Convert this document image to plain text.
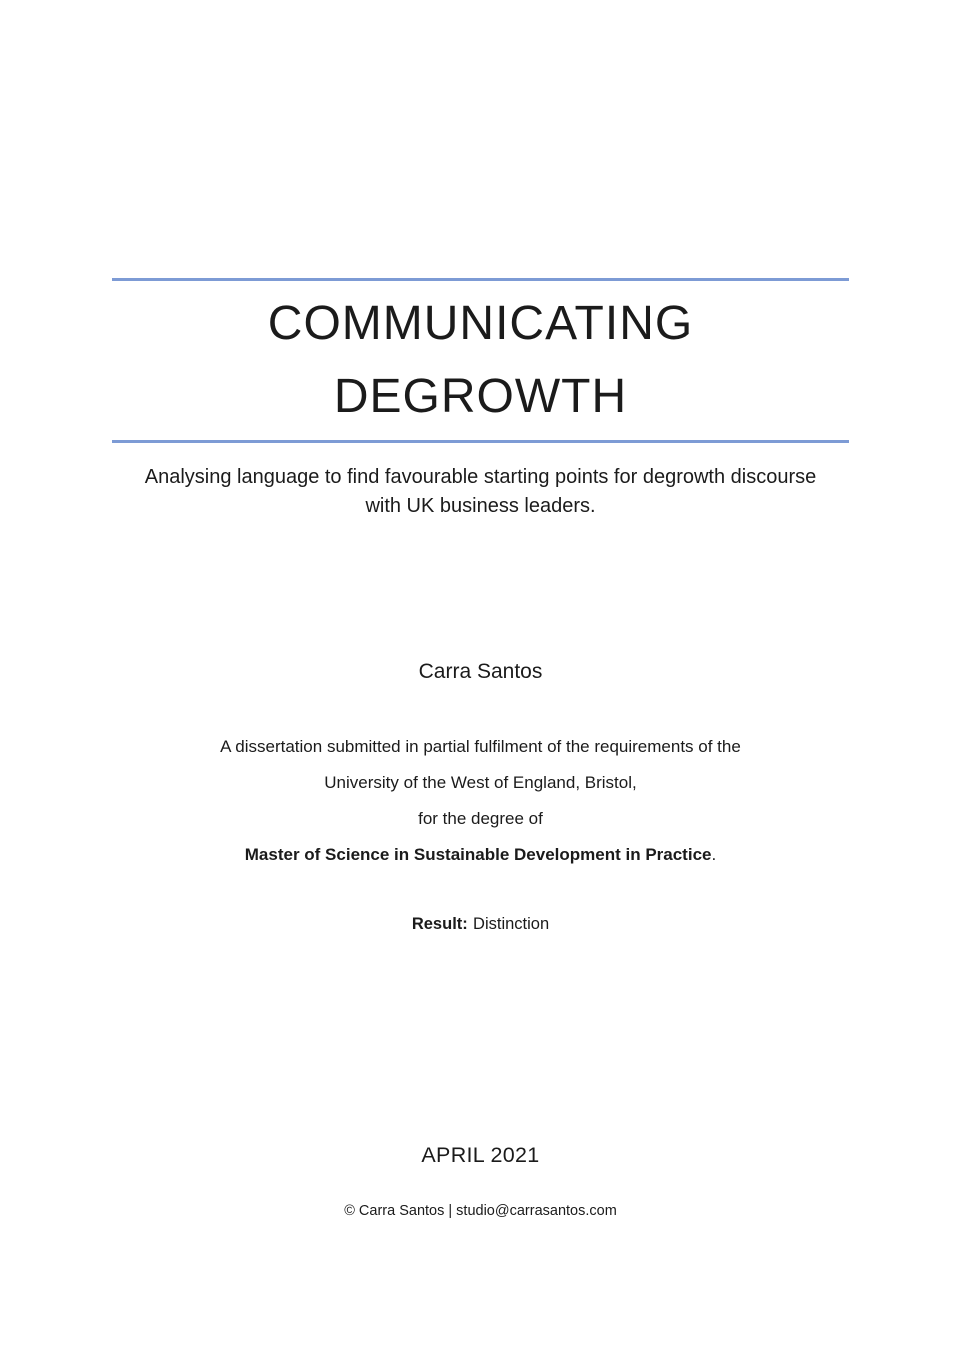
COMMUNICATING
DEGROWTH
Analysing language to find favourable starting points for degrowth discourse
with UK business leaders.
Carra Santos
A dissertation submitted in partial fulfilment of the requirements of the
University of the West of England, Bristol,
for the degree of
Master of Science in Sustainable Development in Practice.
Result: Distinction
APRIL 2021
© Carra Santos | studio@carrasantos.com
